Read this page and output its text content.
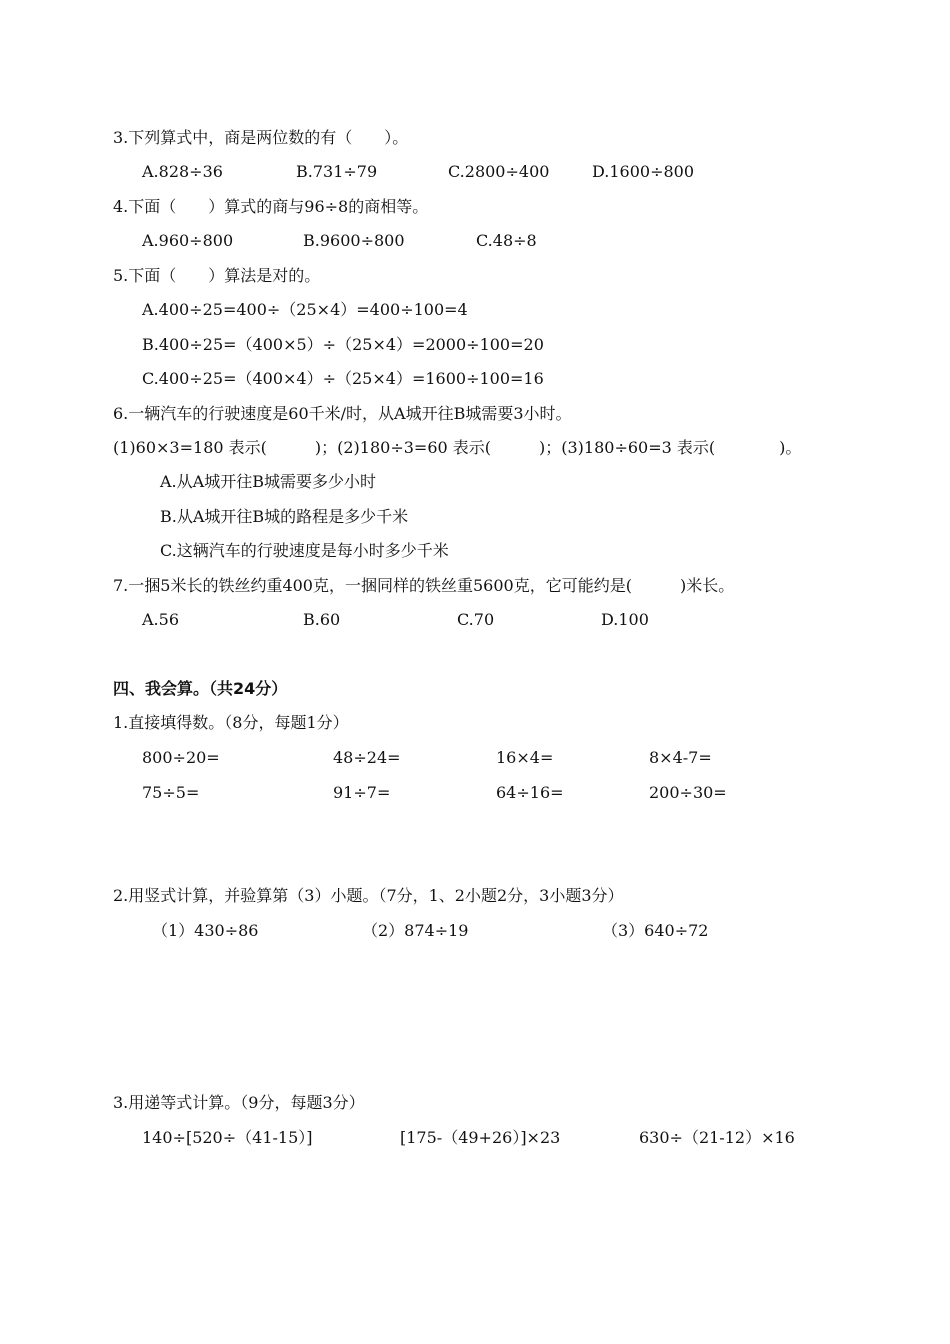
3.下列算式中，商是两位数的有（　　）。
A.828÷36	B.731÷79	C.2800÷400	D.1600÷800
4.下面（　　）算式的商与96÷8的商相等。
A.960÷800	B.9600÷800	C.48÷8
5.下面（　　）算法是对的。
A.400÷25=400÷（25×4）=400÷100=4
B.400÷25=（400×5）÷（25×4）=2000÷100=20
C.400÷25=（400×4）÷（25×4）=1600÷100=16
6.一辆汽车的行驶速度是60千米/时，从A城开往B城需要3小时。
(1)60×3=180 表示(　　　)；(2)180÷3=60 表示(　　　)；(3)180÷60=3 表示(　　　　)。
A.从A城开往B城需要多少小时
B.从A城开往B城的路程是多少千米
C.这辆汽车的行驶速度是每小时多少千米
7.一捆5米长的铁丝约重400克，一捆同样的铁丝重5600克，它可能约是(　　　)米长。
A.56	B.60	C.70	D.100
四、我会算。（共24分）
1.直接填得数。（8分，每题1分）
800÷20=	48÷24=	16×4=	8×4-7=
75÷5=	91÷7=	64÷16=	200÷30=
2.用竖式计算，并验算第（3）小题。（7分，1、2小题2分，3小题3分）
（1）430÷86	（2）874÷19	（3）640÷72
3.用递等式计算。（9分，每题3分）
140÷[520÷（41-15）]	[175-（49+26）]×23	630÷（21-12）×16
